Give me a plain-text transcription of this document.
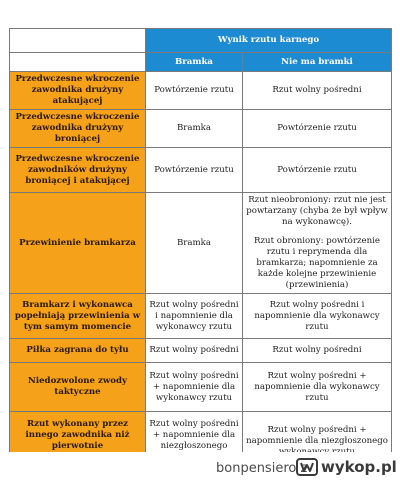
	Wynik rzutu karnego	
	Bramka	Nie ma bramki
Przedwczesne wkroczenie zawodnika drużyny atakującej	Powtórzenie rzutu	Rzut wolny pośredni
Przedwczesne wkroczenie zawodnika drużyny broniącej	Bramka	Powtórzenie rzutu
Przedwczesne wkroczenie zawodników drużyny broniącej i atakującej	Powtórzenie rzutu	Powtórzenie rzutu
Przewinienie bramkarza	Bramka	Rzut nieobroniony: rzut nie jest powtarzany (chyba że był wpływ na wykonawcę).

Rzut obroniony: powtórzenie rzutu i reprymenda dla bramkarza; napomnienie za każde kolejne przewinienie (przewinienia)

Bramkarz i wykonawca popełniają przewinienia w tym samym momencie	Rzut wolny pośredni i napomnienie dla wykonawcy rzutu	Rzut wolny pośredni i napomnienie dla wykonawcy rzutu
Piłka zagrana do tyłu	Rzut wolny pośredni	Rzut wolny pośredni
Niedozwolone zwody taktyczne	Rzut wolny pośredni + napomnienie dla wykonawcy rzutu	Rzut wolny pośredni + napomnienie dla wykonawcy rzutu
Rzut wykonany przez innego zawodnika niż pierwotnie	Rzut wolny pośredni + napomnienie dla niezgłoszonego	Rzut wolny pośredni + napomnienie dla niezgłoszonego
bonpensiero z wykop.pl
